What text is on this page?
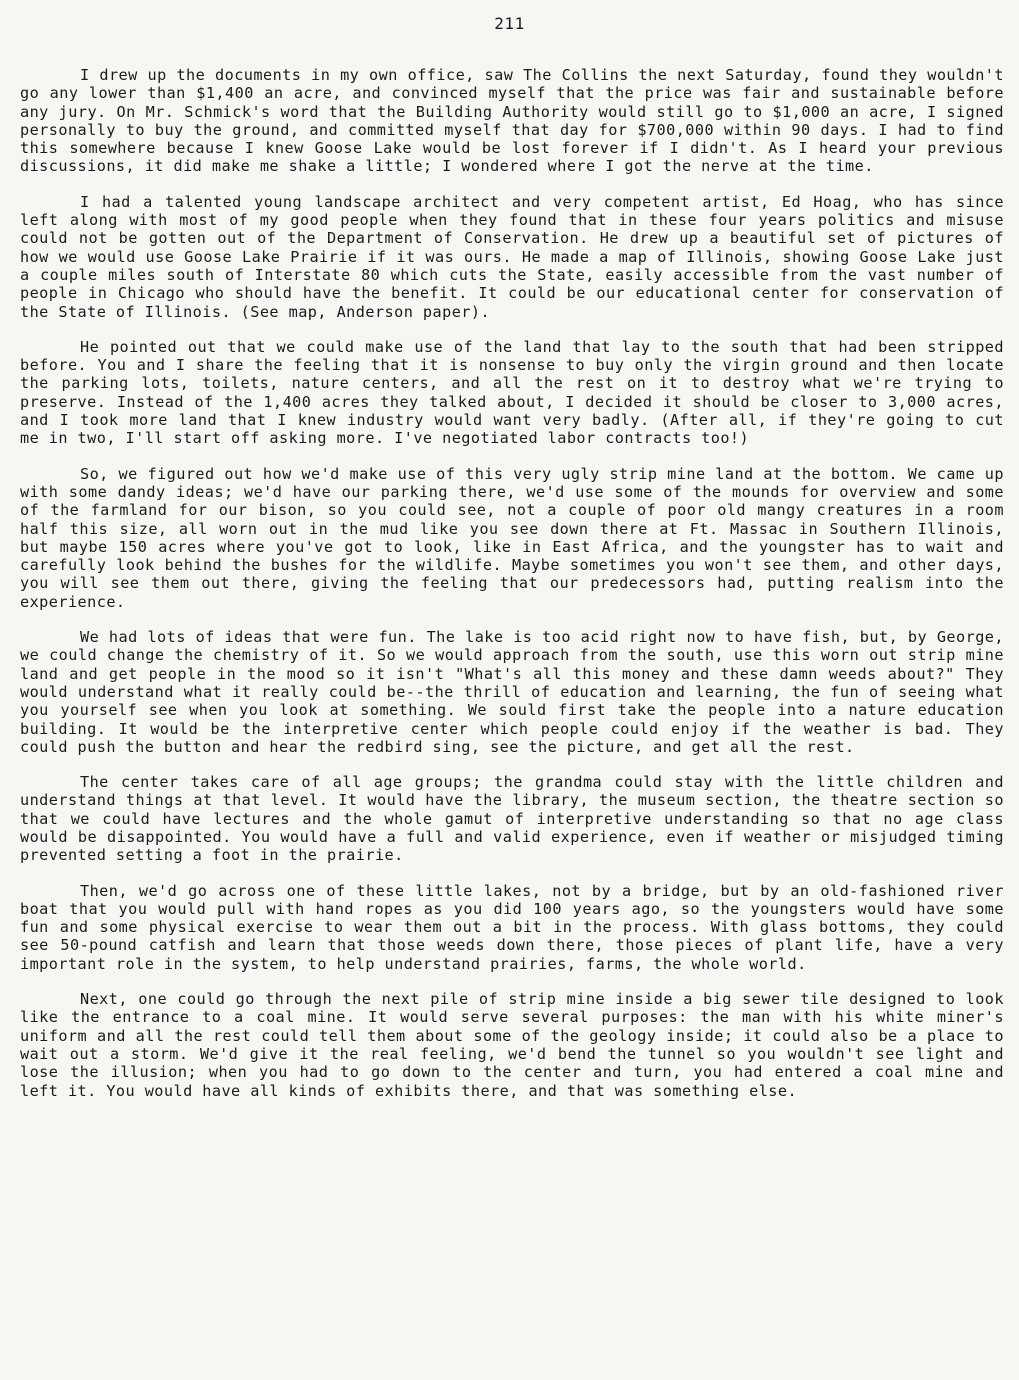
211

I drew up the documents in my own office, saw The Collins the next Saturday, found they wouldn't go any lower than $1,400 an acre, and convinced myself that the price was fair and sustainable before any jury. On Mr. Schmick's word that the Building Authority would still go to $1,000 an acre, I signed personally to buy the ground, and committed myself that day for $700,000 within 90 days. I had to find this somewhere because I knew Goose Lake would be lost forever if I didn't. As I heard your previous discussions, it did make me shake a little; I wondered where I got the nerve at the time.

I had a talented young landscape architect and very competent artist, Ed Hoag, who has since left along with most of my good people when they found that in these four years politics and misuse could not be gotten out of the Department of Conservation. He drew up a beautiful set of pictures of how we would use Goose Lake Prairie if it was ours. He made a map of Illinois, showing Goose Lake just a couple miles south of Interstate 80 which cuts the State, easily accessible from the vast number of people in Chicago who should have the benefit. It could be our educational center for conservation of the State of Illinois. (See map, Anderson paper).

He pointed out that we could make use of the land that lay to the south that had been stripped before. You and I share the feeling that it is nonsense to buy only the virgin ground and then locate the parking lots, toilets, nature centers, and all the rest on it to destroy what we're trying to preserve. Instead of the 1,400 acres they talked about, I decided it should be closer to 3,000 acres, and I took more land that I knew industry would want very badly. (After all, if they're going to cut me in two, I'll start off asking more. I've negotiated labor contracts too!)

So, we figured out how we'd make use of this very ugly strip mine land at the bottom. We came up with some dandy ideas; we'd have our parking there, we'd use some of the mounds for overview and some of the farmland for our bison, so you could see, not a couple of poor old mangy creatures in a room half this size, all worn out in the mud like you see down there at Ft. Massac in Southern Illinois, but maybe 150 acres where you've got to look, like in East Africa, and the youngster has to wait and carefully look behind the bushes for the wildlife. Maybe sometimes you won't see them, and other days, you will see them out there, giving the feeling that our predecessors had, putting realism into the experience.

We had lots of ideas that were fun. The lake is too acid right now to have fish, but, by George, we could change the chemistry of it. So we would approach from the south, use this worn out strip mine land and get people in the mood so it isn't "What's all this money and these damn weeds about?" They would understand what it really could be--the thrill of education and learning, the fun of seeing what you yourself see when you look at something. We sould first take the people into a nature education building. It would be the interpretive center which people could enjoy if the weather is bad. They could push the button and hear the redbird sing, see the picture, and get all the rest.

The center takes care of all age groups; the grandma could stay with the little children and understand things at that level. It would have the library, the museum section, the theatre section so that we could have lectures and the whole gamut of interpretive understanding so that no age class would be disappointed. You would have a full and valid experience, even if weather or misjudged timing prevented setting a foot in the prairie.

Then, we'd go across one of these little lakes, not by a bridge, but by an old-fashioned river boat that you would pull with hand ropes as you did 100 years ago, so the youngsters would have some fun and some physical exercise to wear them out a bit in the process. With glass bottoms, they could see 50-pound catfish and learn that those weeds down there, those pieces of plant life, have a very important role in the system, to help understand prairies, farms, the whole world.

Next, one could go through the next pile of strip mine inside a big sewer tile designed to look like the entrance to a coal mine. It would serve several purposes: the man with his white miner's uniform and all the rest could tell them about some of the geology inside; it could also be a place to wait out a storm. We'd give it the real feeling, we'd bend the tunnel so you wouldn't see light and lose the illusion; when you had to go down to the center and turn, you had entered a coal mine and left it. You would have all kinds of exhibits there, and that was something else.
